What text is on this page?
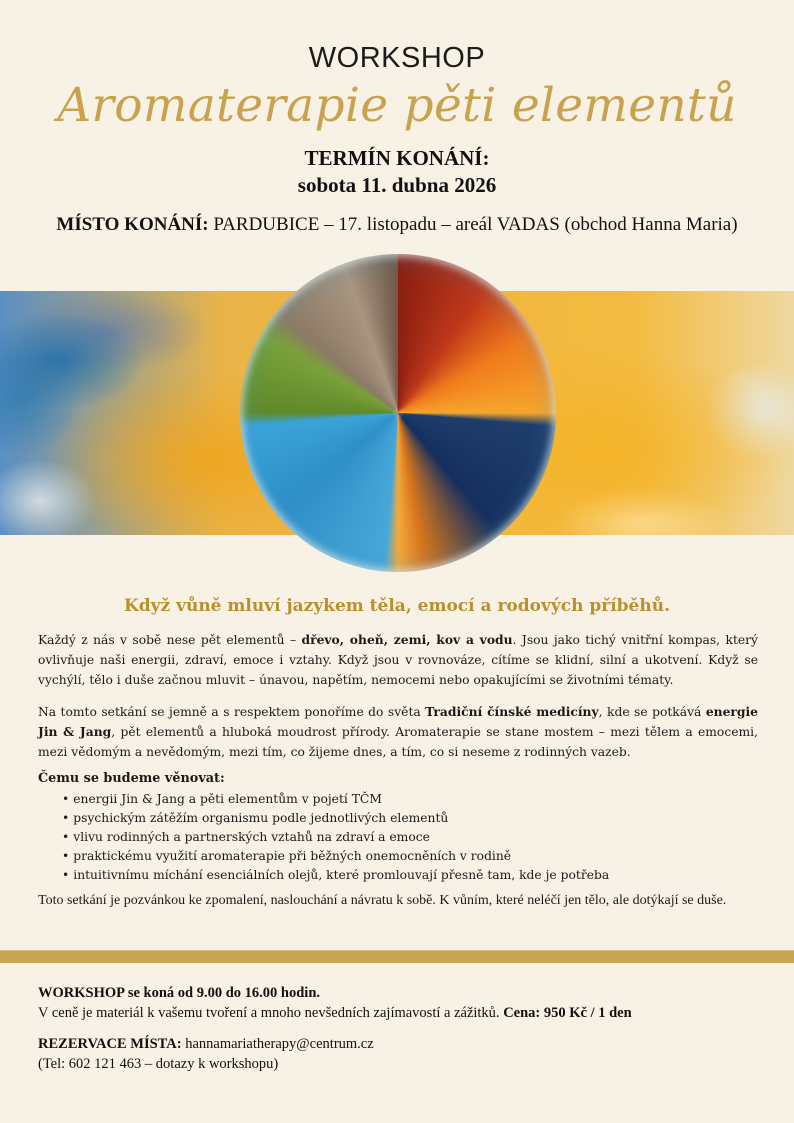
WORKSHOP
Aromaterapie pěti elementů
TERMÍN KONÁNÍ:
sobota 11. dubna 2026
MÍSTO KONÁNÍ: PARDUBICE – 17. listopadu – areál VADAS (obchod Hanna Maria)
Když vůně mluví jazykem těla, emocí a rodových příběhů.
Každý z nás v sobě nese pět elementů – dřevo, oheň, zemi, kov a vodu. Jsou jako tichý vnitřní kompas, který ovlivňuje naši energii, zdraví, emoce i vztahy. Když jsou v rovnováze, cítíme se klidní, silní a ukotvení. Když se vychýlí, tělo i duše začnou mluvit – únavou, napětím, nemocemi nebo opakujícími se životními tématy.
Na tomto setkání se jemně a s respektem ponoříme do světa Tradiční čínské medicíny, kde se potkává energie Jin & Jang, pět elementů a hluboká moudrost přírody. Aromaterapie se stane mostem – mezi tělem a emocemi, mezi vědomým a nevědomým, mezi tím, co žijeme dnes, a tím, co si neseme z rodinných vazeb.
Čemu se budeme věnovat:
• energii Jin & Jang a pěti elementům v pojetí TČM
• psychickým zátěžím organismu podle jednotlivých elementů
• vlivu rodinných a partnerských vztahů na zdraví a emoce
• praktickému využití aromaterapie při běžných onemocněních v rodině
• intuitivnímu míchání esenciálních olejů, které promlouvají přesně tam, kde je potřeba
Toto setkání je pozvánkou ke zpomalení, naslouchání a návratu k sobě. K vůním, které neléčí jen tělo, ale dotýkají se duše.
WORKSHOP se koná od 9.00 do 16.00 hodin.
V ceně je materiál k vašemu tvoření a mnoho nevšedních zajímavostí a zážitků. Cena: 950 Kč / 1 den
REZERVACE MÍSTA: hannamariatherapy@centrum.cz
(Tel: 602 121 463 – dotazy k workshopu)
